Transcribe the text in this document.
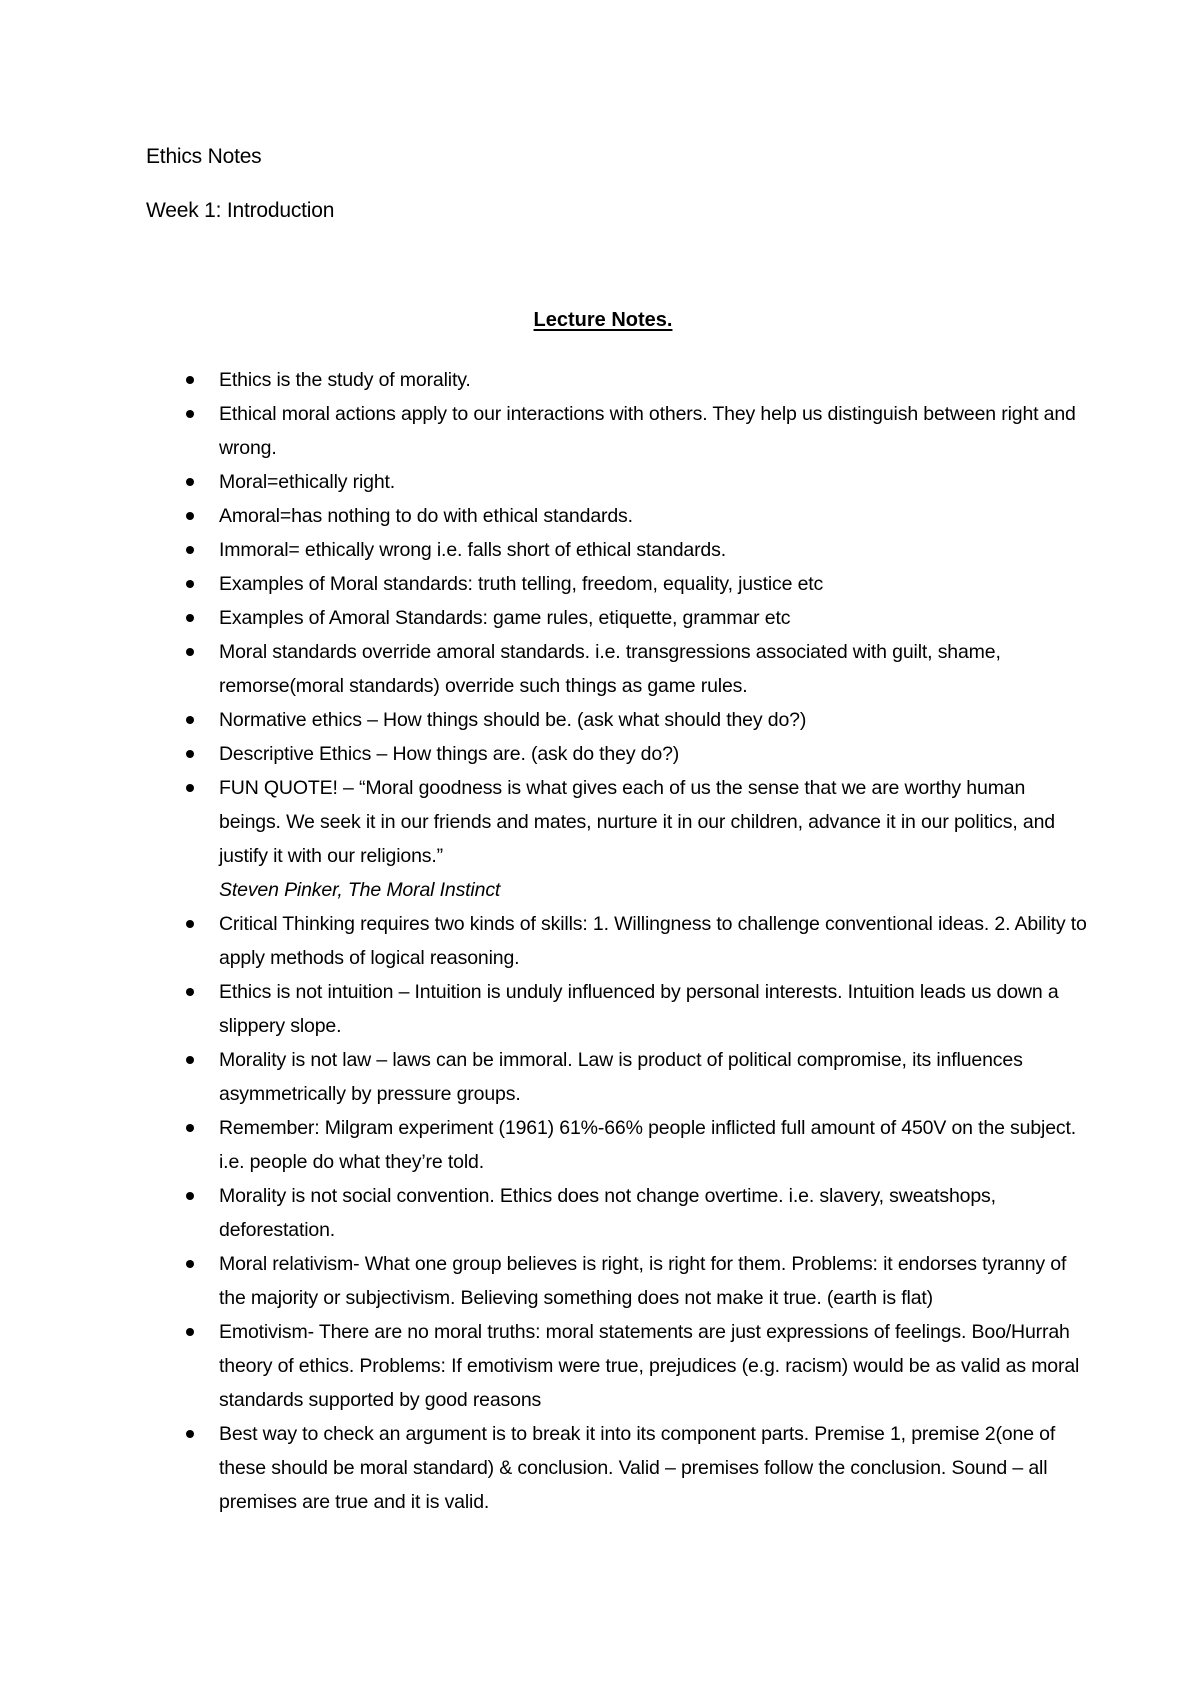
Ethics Notes
Week 1: Introduction
Lecture Notes.
Ethics is the study of morality.
Ethical moral actions apply to our interactions with others. They help us distinguish between right and wrong.
Moral=ethically right.
Amoral=has nothing to do with ethical standards.
Immoral= ethically wrong i.e. falls short of ethical standards.
Examples of Moral standards: truth telling, freedom, equality, justice etc
Examples of Amoral Standards: game rules, etiquette, grammar etc
Moral standards override amoral standards. i.e. transgressions associated with guilt, shame, remorse(moral standards) override such things as game rules.
Normative ethics – How things should be. (ask what should they do?)
Descriptive Ethics – How things are. (ask do they do?)
FUN QUOTE! – “Moral goodness is what gives each of us the sense that we are worthy human beings. We seek it in our friends and mates, nurture it in our children, advance it in our politics, and justify it with our religions.”
Steven Pinker, The Moral Instinct
Critical Thinking requires two kinds of skills: 1. Willingness to challenge conventional ideas. 2. Ability to apply methods of logical reasoning.
Ethics is not intuition – Intuition is unduly influenced by personal interests. Intuition leads us down a slippery slope.
Morality is not law – laws can be immoral. Law is product of political compromise, its influences asymmetrically by pressure groups.
Remember: Milgram experiment (1961) 61%-66% people inflicted full amount of 450V on the subject. i.e. people do what they’re told.
Morality is not social convention. Ethics does not change overtime. i.e. slavery, sweatshops, deforestation.
Moral relativism- What one group believes is right, is right for them. Problems: it endorses tyranny of the majority or subjectivism. Believing something does not make it true. (earth is flat)
Emotivism- There are no moral truths: moral statements are just expressions of feelings. Boo/Hurrah theory of ethics. Problems: If emotivism were true, prejudices (e.g. racism) would be as valid as moral standards supported by good reasons
Best way to check an argument is to break it into its component parts. Premise 1, premise 2(one of these should be moral standard) & conclusion. Valid – premises follow the conclusion. Sound – all premises are true and it is valid.
